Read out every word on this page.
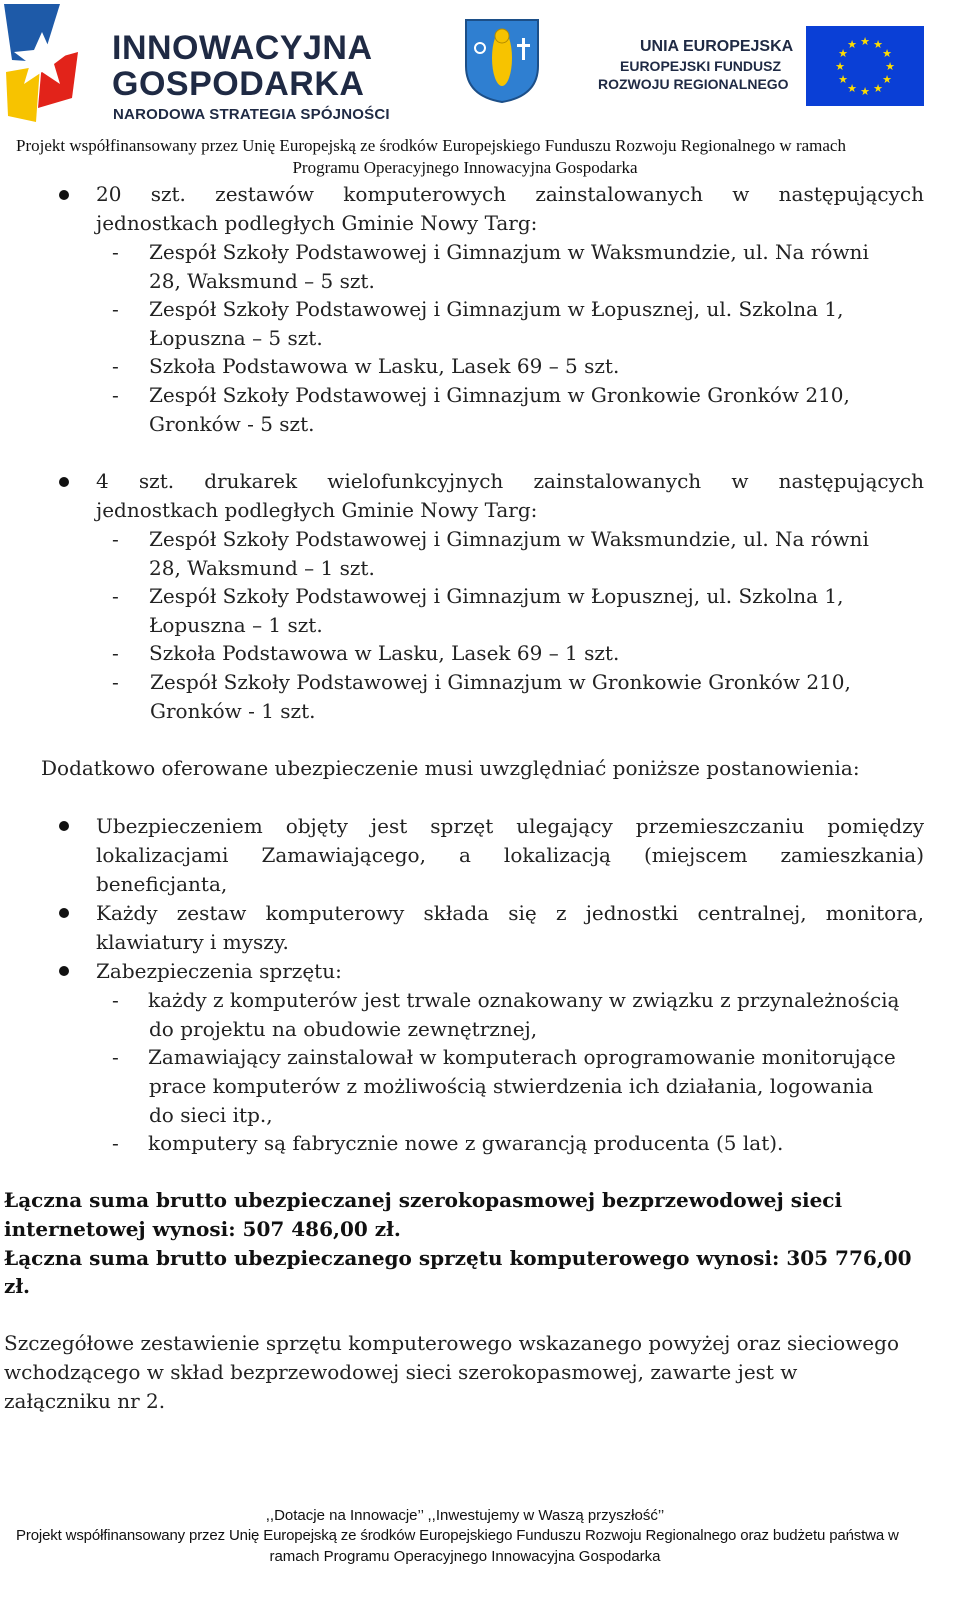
INNOWACYJNA
GOSPODARKA
NARODOWA STRATEGIA SPÓJNOŚCI
UNIA EUROPEJSKA
EUROPEJSKI FUNDUSZ
ROZWOJU REGIONALNEGO
★ ★
★
★
★
★
★
★
★
★
★
★
Projekt współfinansowany przez Unię Europejską ze środków Europejskiego Funduszu Rozwoju Regionalnego w ramach
Programu Operacyjnego Innowacyjna Gospodarka
20 szt. zestawów komputerowych zainstalowanych w następujących
jednostkach podległych Gminie Nowy Targ:
- Zespół Szkoły Podstawowej i Gimnazjum w Waksmundzie, ul. Na równi
28, Waksmund – 5 szt.
- Zespół Szkoły Podstawowej i Gimnazjum w Łopusznej, ul. Szkolna 1,
Łopuszna – 5 szt.
- Szkoła Podstawowa w Lasku, Lasek 69 – 5 szt.
- Zespół Szkoły Podstawowej i Gimnazjum w Gronkowie Gronków 210,
Gronków - 5 szt.
4 szt. drukarek wielofunkcyjnych zainstalowanych w następujących
jednostkach podległych Gminie Nowy Targ:
- Zespół Szkoły Podstawowej i Gimnazjum w Waksmundzie, ul. Na równi
28, Waksmund – 1 szt.
- Zespół Szkoły Podstawowej i Gimnazjum w Łopusznej, ul. Szkolna 1,
Łopuszna – 1 szt.
- Szkoła Podstawowa w Lasku, Lasek 69 – 1 szt.
- Zespół Szkoły Podstawowej i Gimnazjum w Gronkowie Gronków 210,
Gronków - 1 szt.
Dodatkowo oferowane ubezpieczenie musi uwzględniać poniższe postanowienia:
Ubezpieczeniem objęty jest sprzęt ulegający przemieszczaniu pomiędzy
lokalizacjami Zamawiającego, a lokalizacją (miejscem zamieszkania)
beneficjanta,
Każdy zestaw komputerowy składa się z jednostki centralnej, monitora,
klawiatury i myszy.
Zabezpieczenia sprzętu:
- każdy z komputerów jest trwale oznakowany w związku z przynależnością
do projektu na obudowie zewnętrznej,
- Zamawiający zainstalował w komputerach oprogramowanie monitorujące
prace komputerów z możliwością stwierdzenia ich działania, logowania
do sieci itp.,
- komputery są fabrycznie nowe z gwarancją producenta (5 lat).
Łączna suma brutto ubezpieczanej szerokopasmowej bezprzewodowej sieci
internetowej wynosi: 507 486,00 zł.
Łączna suma brutto ubezpieczanego sprzętu komputerowego wynosi: 305 776,00
zł.
Szczegółowe zestawienie sprzętu komputerowego wskazanego powyżej oraz sieciowego
wchodzącego w skład bezprzewodowej sieci szerokopasmowej, zawarte jest w
załączniku nr 2.
,,Dotacje na Innowacje’’ ,,Inwestujemy w Waszą przyszłość’’
Projekt współfinansowany przez Unię Europejską ze środków Europejskiego Funduszu Rozwoju Regionalnego oraz budżetu państwa w
ramach Programu Operacyjnego Innowacyjna Gospodarka
